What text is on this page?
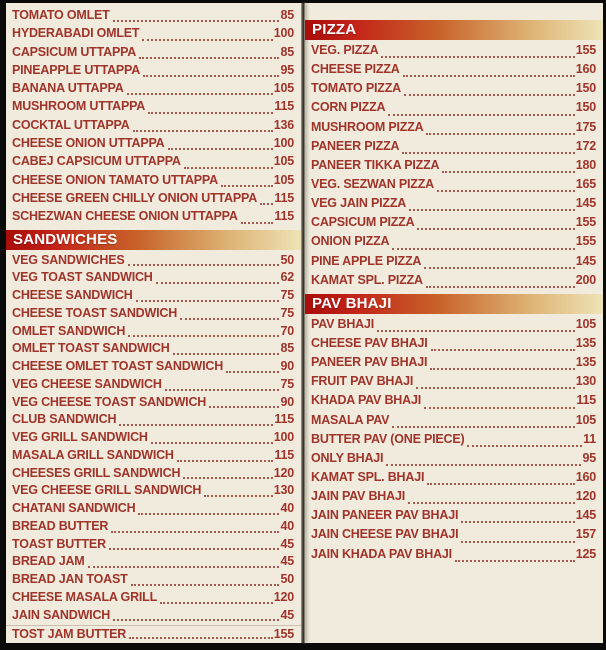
TOMATO OMLET	85
HYDERABADI OMLET	100
CAPSICUM UTTAPPA	85
PINEAPPLE UTTAPPA	95
BANANA UTTAPPA	105
MUSHROOM UTTAPPA	115
COCKTAL UTTAPPA	136
CHEESE ONION UTTAPPA	100
CABEJ CAPSICUM UTTAPPA	105
CHEESE ONION TAMATO UTTAPPA	105
CHEESE GREEN CHILLY ONION UTTAPPA 115
SCHEZWAN CHEESE ONION UTTAPPA	115
SANDWICHES
VEG SANDWICHES	50
VEG TOAST SANDWICH	62
CHEESE SANDWICH	75
CHEESE TOAST SANDWICH	75
OMLET SANDWICH	70
OMLET TOAST SANDWICH	85
CHEESE OMLET TOAST SANDWICH	90
VEG CHEESE SANDWICH	75
VEG CHEESE TOAST SANDWICH	90
CLUB SANDWICH	115
VEG GRILL SANDWICH	100
MASALA GRILL SANDWICH	115
CHEESES GRILL SANDWICH	120
VEG CHEESE GRILL SANDWICH	130
CHATANI SANDWICH	40
BREAD BUTTER	40
TOAST BUTTER	45
BREAD JAM	45
BREAD JAN TOAST	50
CHEESE MASALA GRILL	120
JAIN SANDWICH	45
TOST JAM BUTTER	155
PIZZA
VEG. PIZZA	155
CHEESE PIZZA	160
TOMATO PIZZA	150
CORN PIZZA	150
MUSHROOM PIZZA	175
PANEER PIZZA	172
PANEER TIKKA PIZZA	180
VEG. SEZWAN PIZZA	165
VEG JAIN PIZZA	145
CAPSICUM PIZZA	155
ONION PIZZA	155
PINE APPLE PIZZA	145
KAMAT SPL. PIZZA	200
PAV BHAJI
PAV BHAJI	105
CHEESE PAV BHAJI	135
PANEER PAV BHAJI	135
FRUIT PAV BHAJI	130
KHADA PAV BHAJI	115
MASALA PAV	105
BUTTER PAV (ONE PIECE)	11
ONLY BHAJI	95
KAMAT SPL. BHAJI	160
JAIN PAV BHAJI	120
JAIN PANEER PAV BHAJI	145
JAIN CHEESE PAV BHAJI	157
JAIN KHADA PAV BHAJI	125
